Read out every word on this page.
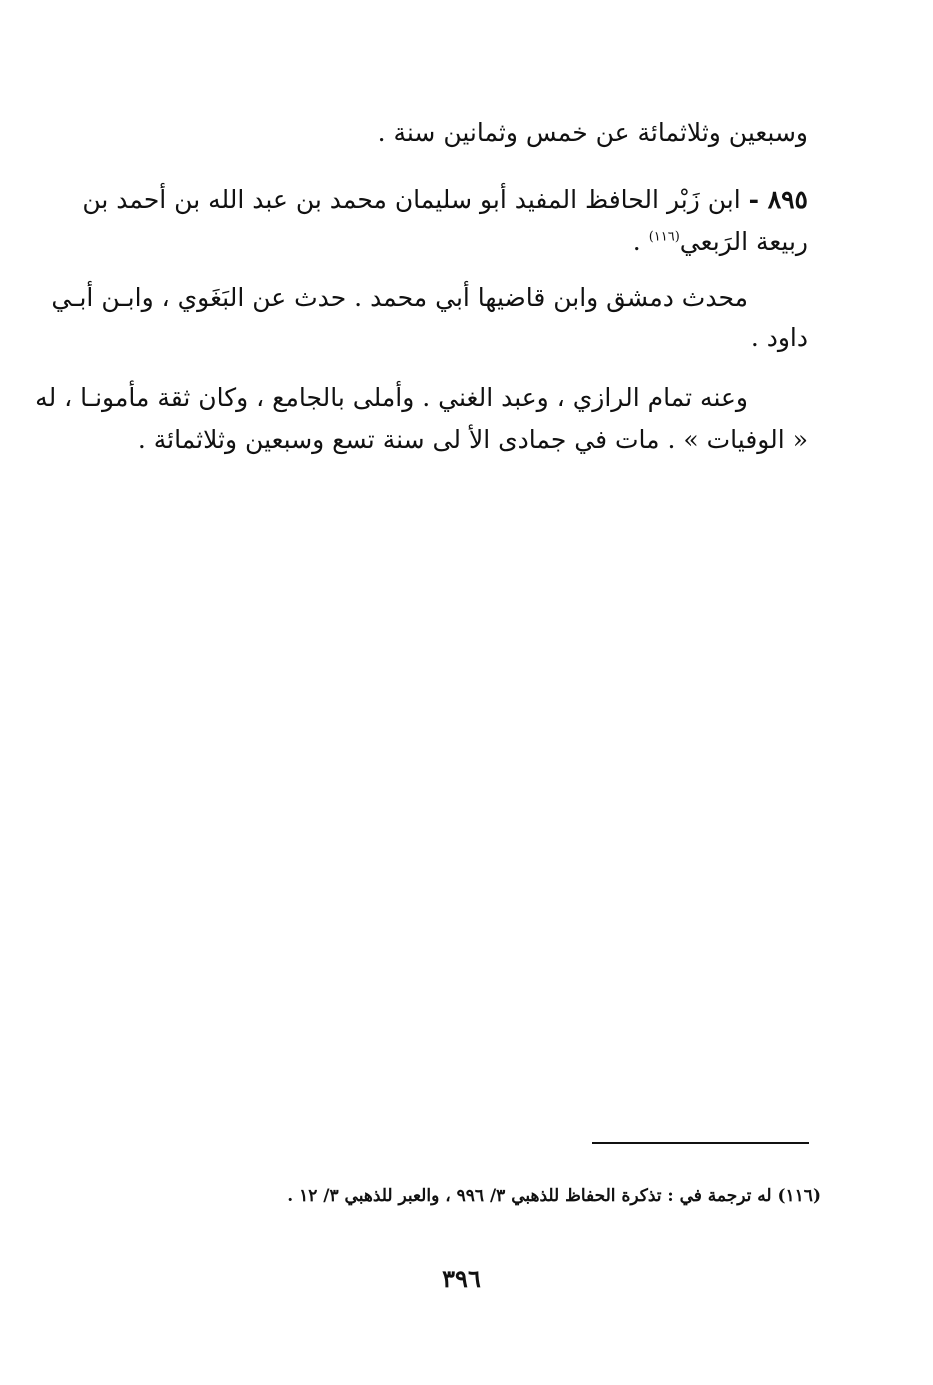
وسبعين وثلاثمائة عن خمس وثمانين سنة .
٨٩٥ - ابن زَبْر الحافظ المفيد أبو سليمان محمد بن عبد الله بن أحمد بن
ربيعة الرَبعي$^{(١١٦)}$ .
محدث دمشق وابن قاضيها أبي محمد . حدث عن البَغَوي ، وابـن أبـي
داود .
وعنه تمام الرازي ، وعبد الغني . وأملى بالجامع ، وكان ثقة مأمونـا ، له
« الوفيات » . مات في جمادى الأ لى سنة تسع وسبعين وثلاثمائة .
(١١٦) له ترجمة في : تذكرة الحفاظ للذهبي ٣/ ٩٩٦ ، والعبر للذهبي ٣/ ١٢ .
٣٩٦
